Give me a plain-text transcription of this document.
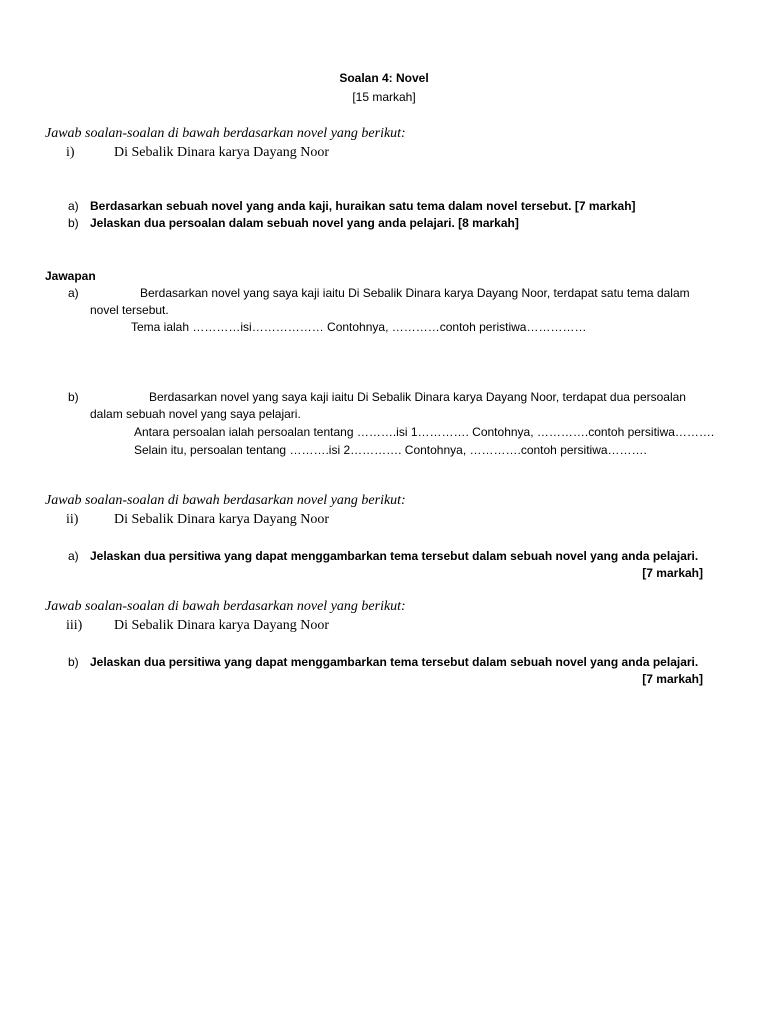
Soalan 4: Novel
[15 markah]
Jawab soalan-soalan di bawah berdasarkan novel yang berikut:
i)	Di Sebalik Dinara karya Dayang Noor
a) Berdasarkan sebuah novel yang anda kaji, huraikan satu tema dalam novel tersebut. [7 markah]
b) Jelaskan dua persoalan dalam sebuah novel yang anda pelajari. [8 markah]
Jawapan
a)	Berdasarkan novel yang saya kaji iaitu Di Sebalik Dinara karya Dayang Noor, terdapat satu tema dalam
novel tersebut.
Tema ialah …………isi……………… Contohnya, …………contoh peristiwa……………
b)	Berdasarkan novel yang saya kaji iaitu Di Sebalik Dinara karya Dayang Noor, terdapat dua persoalan
dalam sebuah novel yang saya pelajari.
Antara persoalan ialah persoalan tentang ……….isi 1…………. Contohnya, ………….contoh persitiwa……….
Selain itu, persoalan tentang ……….isi 2…………. Contohnya, ………….contoh persitiwa……….
Jawab soalan-soalan di bawah berdasarkan novel yang berikut:
ii)	Di Sebalik Dinara karya Dayang Noor
a) Jelaskan dua persitiwa yang dapat menggambarkan tema tersebut dalam sebuah novel yang anda pelajari.
[7 markah]
Jawab soalan-soalan di bawah berdasarkan novel yang berikut:
iii) Di Sebalik Dinara karya Dayang Noor
b) Jelaskan dua persitiwa yang dapat menggambarkan tema tersebut dalam sebuah novel yang anda pelajari.
[7 markah]
